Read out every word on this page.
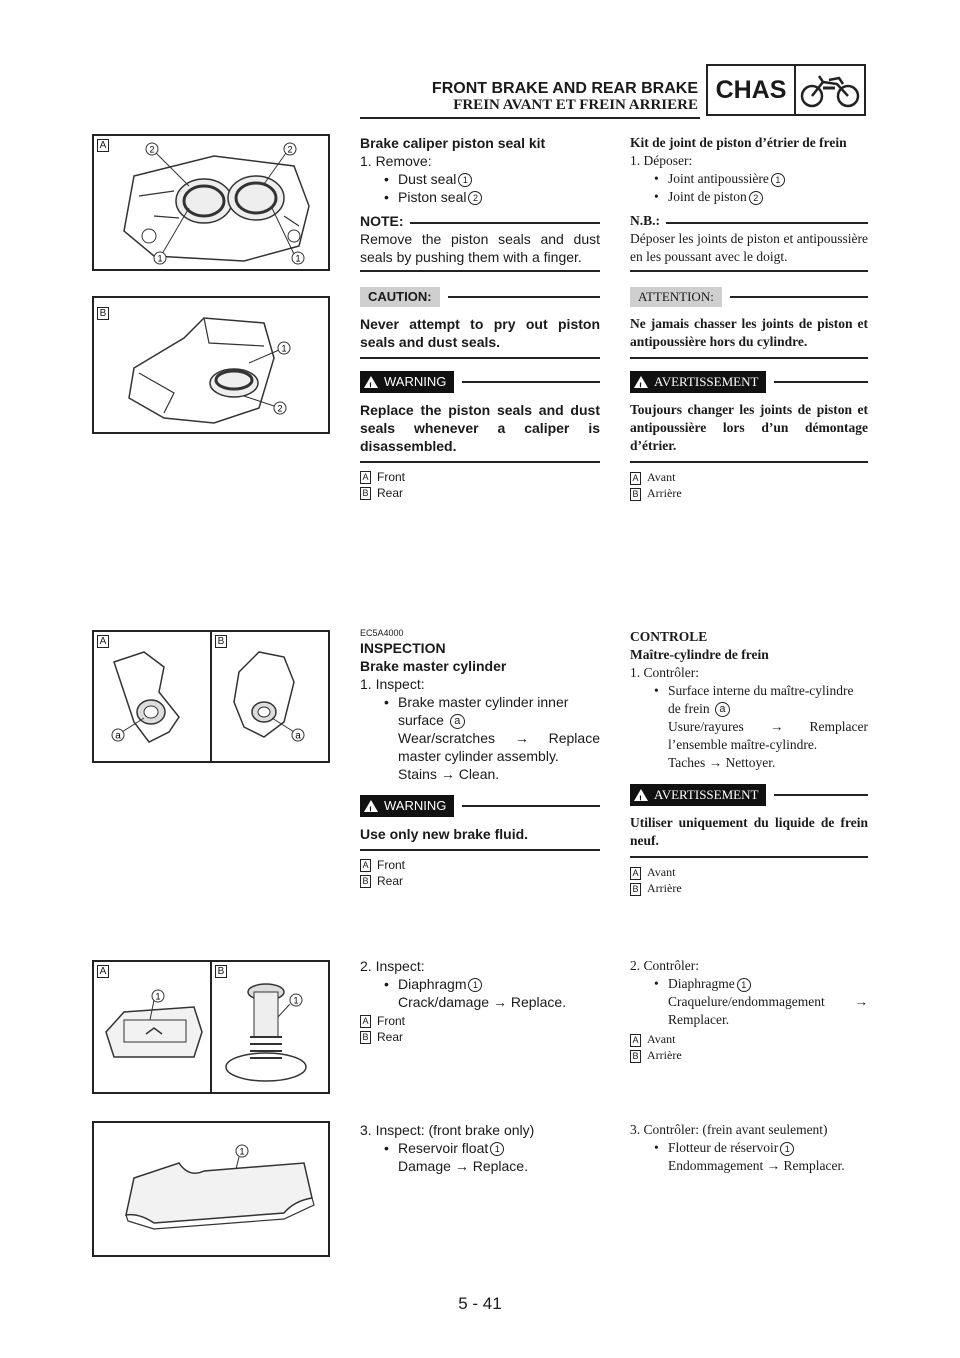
FRONT BRAKE AND REAR BRAKE
FREIN AVANT ET FREIN ARRIERE
CHAS
A	2	2
1	1
B
1
2
A	B
a	a
A	B
1	1
1
Brake caliper piston seal kit
1. Remove:
• Dust seal 1
• Piston seal 2
NOTE:
Remove the piston seals and dust seals by pushing them with a finger.
CAUTION:
Never attempt to pry out piston seals and dust seals.
!
WARNING
Replace the piston seals and dust seals whenever a caliper is disassembled.
A Front
B Rear
Kit de joint de piston d’étrier de frein
1. Déposer:
• Joint antipoussière 1
• Joint de piston 2
N.B.:
Déposer les joints de piston et antipoussière en les poussant avec le doigt.
ATTENTION:
Ne jamais chasser les joints de piston et antipoussière hors du cylindre.
!
AVERTISSEMENT
Toujours changer les joints de piston et antipoussière lors d’un démontage d’étrier.
A Avant
B Arrière
EC5A4000
INSPECTION
Brake master cylinder
1. Inspect:
• Brake master cylinder inner surface a
Wear/scratches → Replace master cylinder assembly.
Stains → Clean.
!
WARNING
Use only new brake fluid.
A Front
B Rear
CONTROLE
Maître-cylindre de frein
1. Contrôler:
• Surface interne du maître-cylindre de frein a
Usure/rayures → Remplacer l’ensemble maître-cylindre.
Taches → Nettoyer.
!
AVERTISSEMENT
Utiliser uniquement du liquide de frein neuf.
A Avant
B Arrière
2. Inspect:
• Diaphragm 1
Crack/damage → Replace.
A Front
B Rear
2. Contrôler:
• Diaphragme 1
Craquelure/endommagement → Remplacer.
A Avant
B Arrière
3. Inspect: (front brake only)
• Reservoir float 1
Damage → Replace.
3. Contrôler: (frein avant seulement)
• Flotteur de réservoir 1
Endommagement → Remplacer.
5 - 41
